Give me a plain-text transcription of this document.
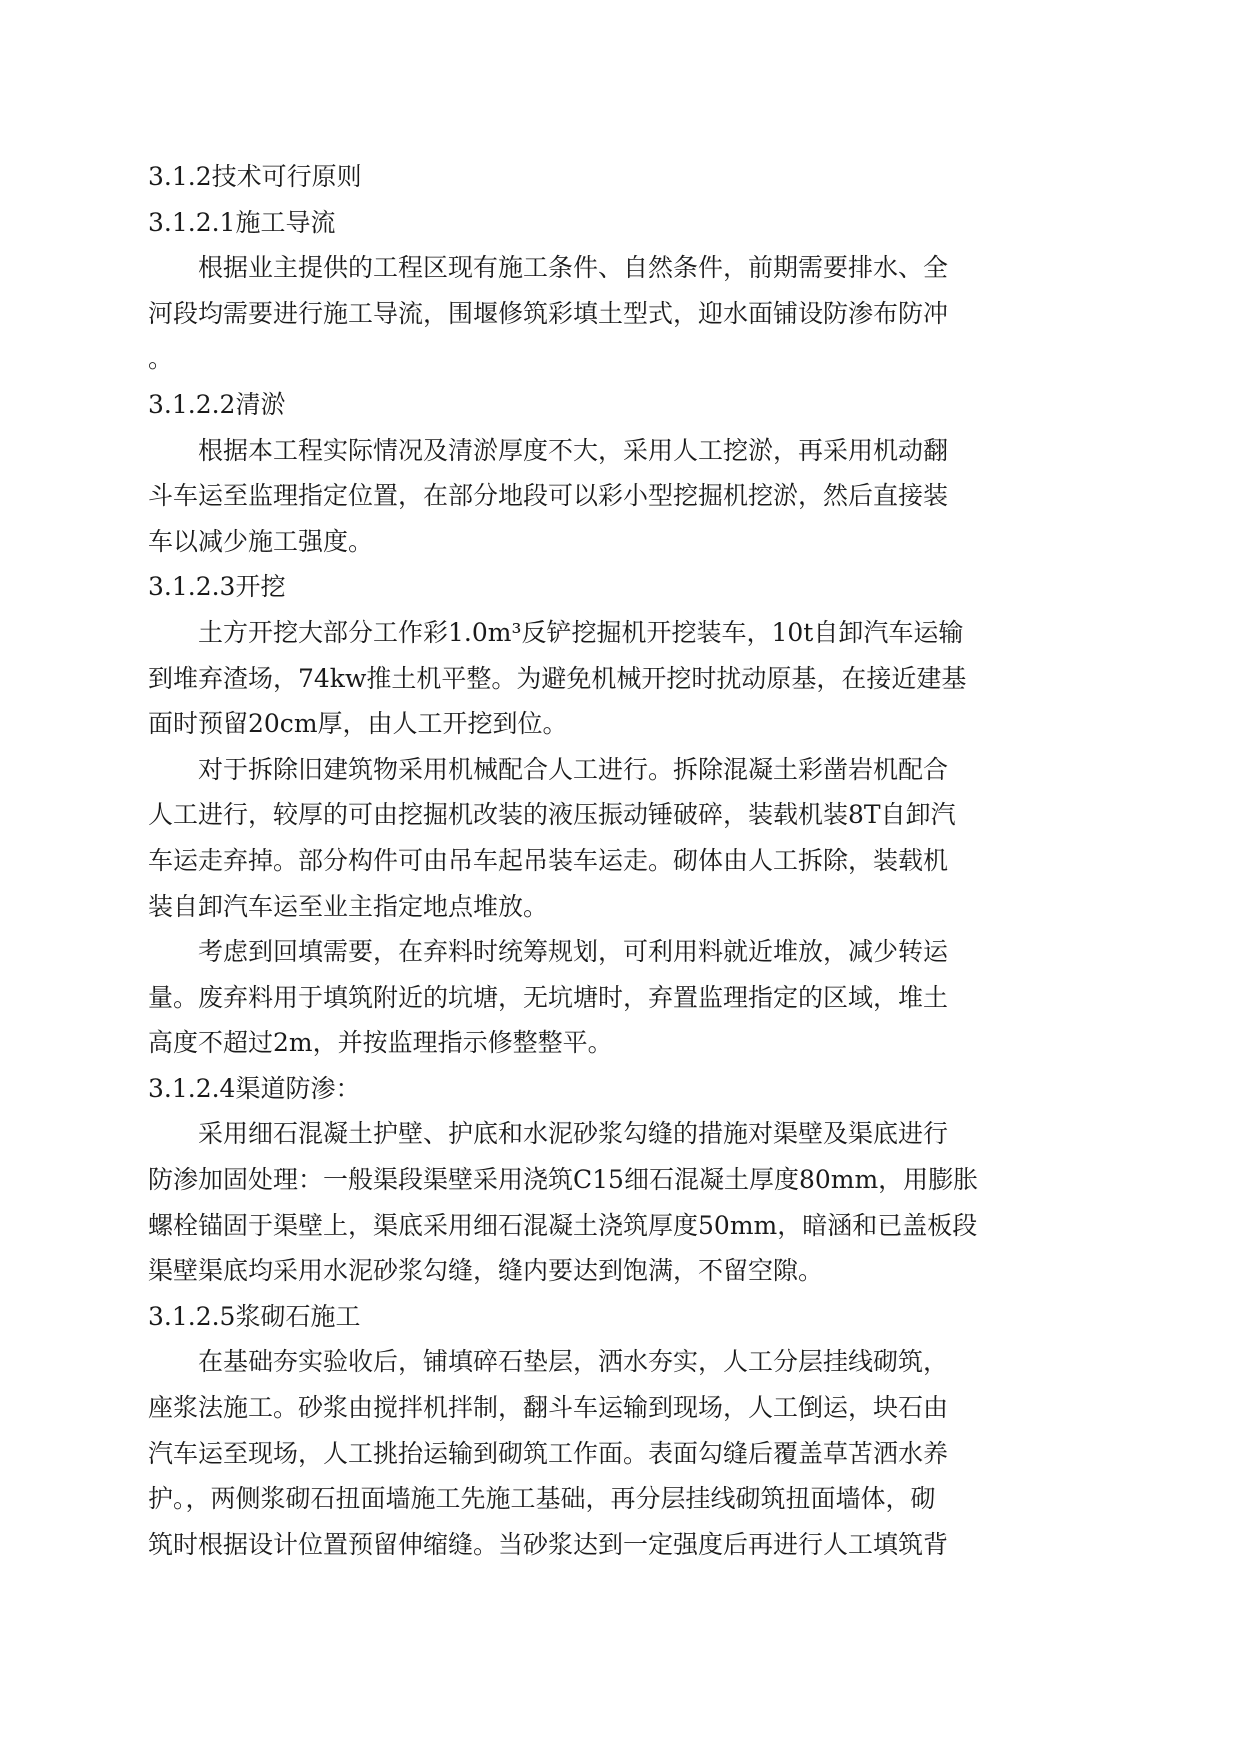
3.1.2技术可行原则
3.1.2.1施工导流
根据业主提供的工程区现有施工条件、自然条件，前期需要排水、全
河段均需要进行施工导流，围堰修筑彩填土型式，迎水面铺设防渗布防冲
。
3.1.2.2清淤
根据本工程实际情况及清淤厚度不大，采用人工挖淤，再采用机动翻
斗车运至监理指定位置，在部分地段可以彩小型挖掘机挖淤，然后直接装
车以减少施工强度。
3.1.2.3开挖
土方开挖大部分工作彩1.0m³反铲挖掘机开挖装车，10t自卸汽车运输
到堆弃渣场，74kw推土机平整。为避免机械开挖时扰动原基，在接近建基
面时预留20cm厚，由人工开挖到位。
对于拆除旧建筑物采用机械配合人工进行。拆除混凝土彩凿岩机配合
人工进行，较厚的可由挖掘机改装的液压振动锤破碎，装载机装8T自卸汽
车运走弃掉。部分构件可由吊车起吊装车运走。砌体由人工拆除，装载机
装自卸汽车运至业主指定地点堆放。
考虑到回填需要，在弃料时统筹规划，可利用料就近堆放，减少转运
量。废弃料用于填筑附近的坑塘，无坑塘时，弃置监理指定的区域，堆土
高度不超过2m，并按监理指示修整整平。
3.1.2.4渠道防渗：
采用细石混凝土护壁、护底和水泥砂浆勾缝的措施对渠壁及渠底进行
防渗加固处理：一般渠段渠壁采用浇筑C15细石混凝土厚度80mm，用膨胀
螺栓锚固于渠壁上，渠底采用细石混凝土浇筑厚度50mm，暗涵和已盖板段
渠壁渠底均采用水泥砂浆勾缝，缝内要达到饱满，不留空隙。
3.1.2.5浆砌石施工
在基础夯实验收后，铺填碎石垫层，洒水夯实，人工分层挂线砌筑，
座浆法施工。砂浆由搅拌机拌制，翻斗车运输到现场，人工倒运，块石由
汽车运至现场，人工挑抬运输到砌筑工作面。表面勾缝后覆盖草苫洒水养
护。，两侧浆砌石扭面墙施工先施工基础，再分层挂线砌筑扭面墙体，砌
筑时根据设计位置预留伸缩缝。当砂浆达到一定强度后再进行人工填筑背
